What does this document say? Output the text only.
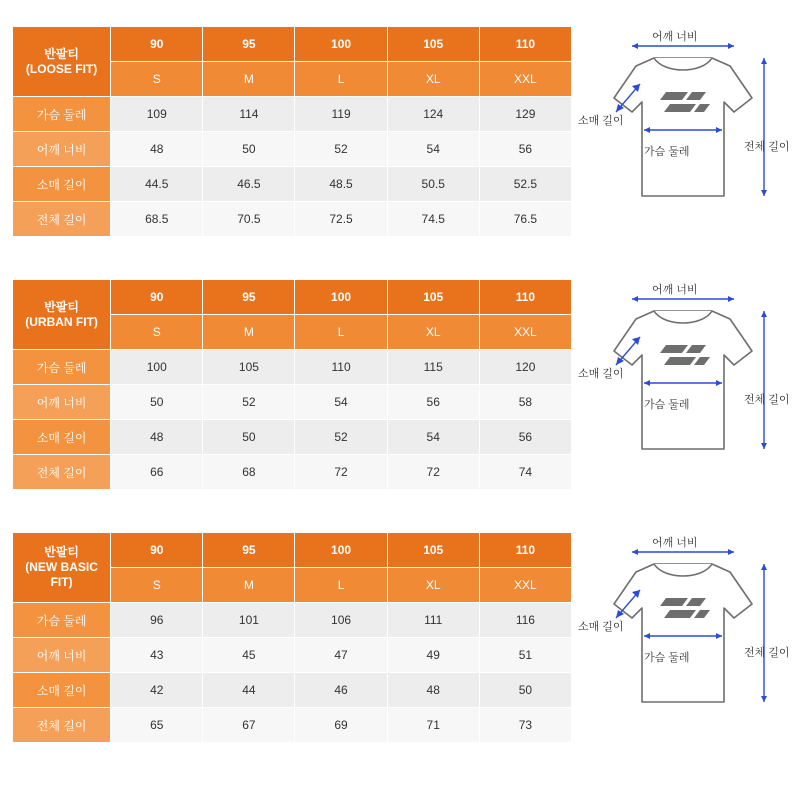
반팔티
(LOOSE FIT)	90	95	100	105	110
	S	M	L	XL	XXL
가슴 둘레	109	114	119	124	129
어깨 너비	48	50	52	54	56
소매 길이	44.5	46.5	48.5	50.5	52.5
전체 길이	68.5	70.5	72.5	74.5	76.5
어깨 너비
소매 길이
가슴 둘레	전체 길이
반팔티
(URBAN FIT)	90	95	100	105	110
	S	M	L	XL	XXL
가슴 둘레	100	105	110	115	120
어깨 너비	50	52	54	56	58
소매 길이	48	50	52	54	56
전체 길이	66	68	72	72	74
어깨 너비
소매 길이
가슴 둘레	전체 길이
반팔티
(NEW BASIC FIT)	90	95	100	105	110
	S	M	L	XL	XXL
가슴 둘레	96	101	106	111	116
어깨 너비	43	45	47	49	51
소매 길이	42	44	46	48	50
전체 길이	65	67	69	71	73
어깨 너비
소매 길이
가슴 둘레	전체 길이
